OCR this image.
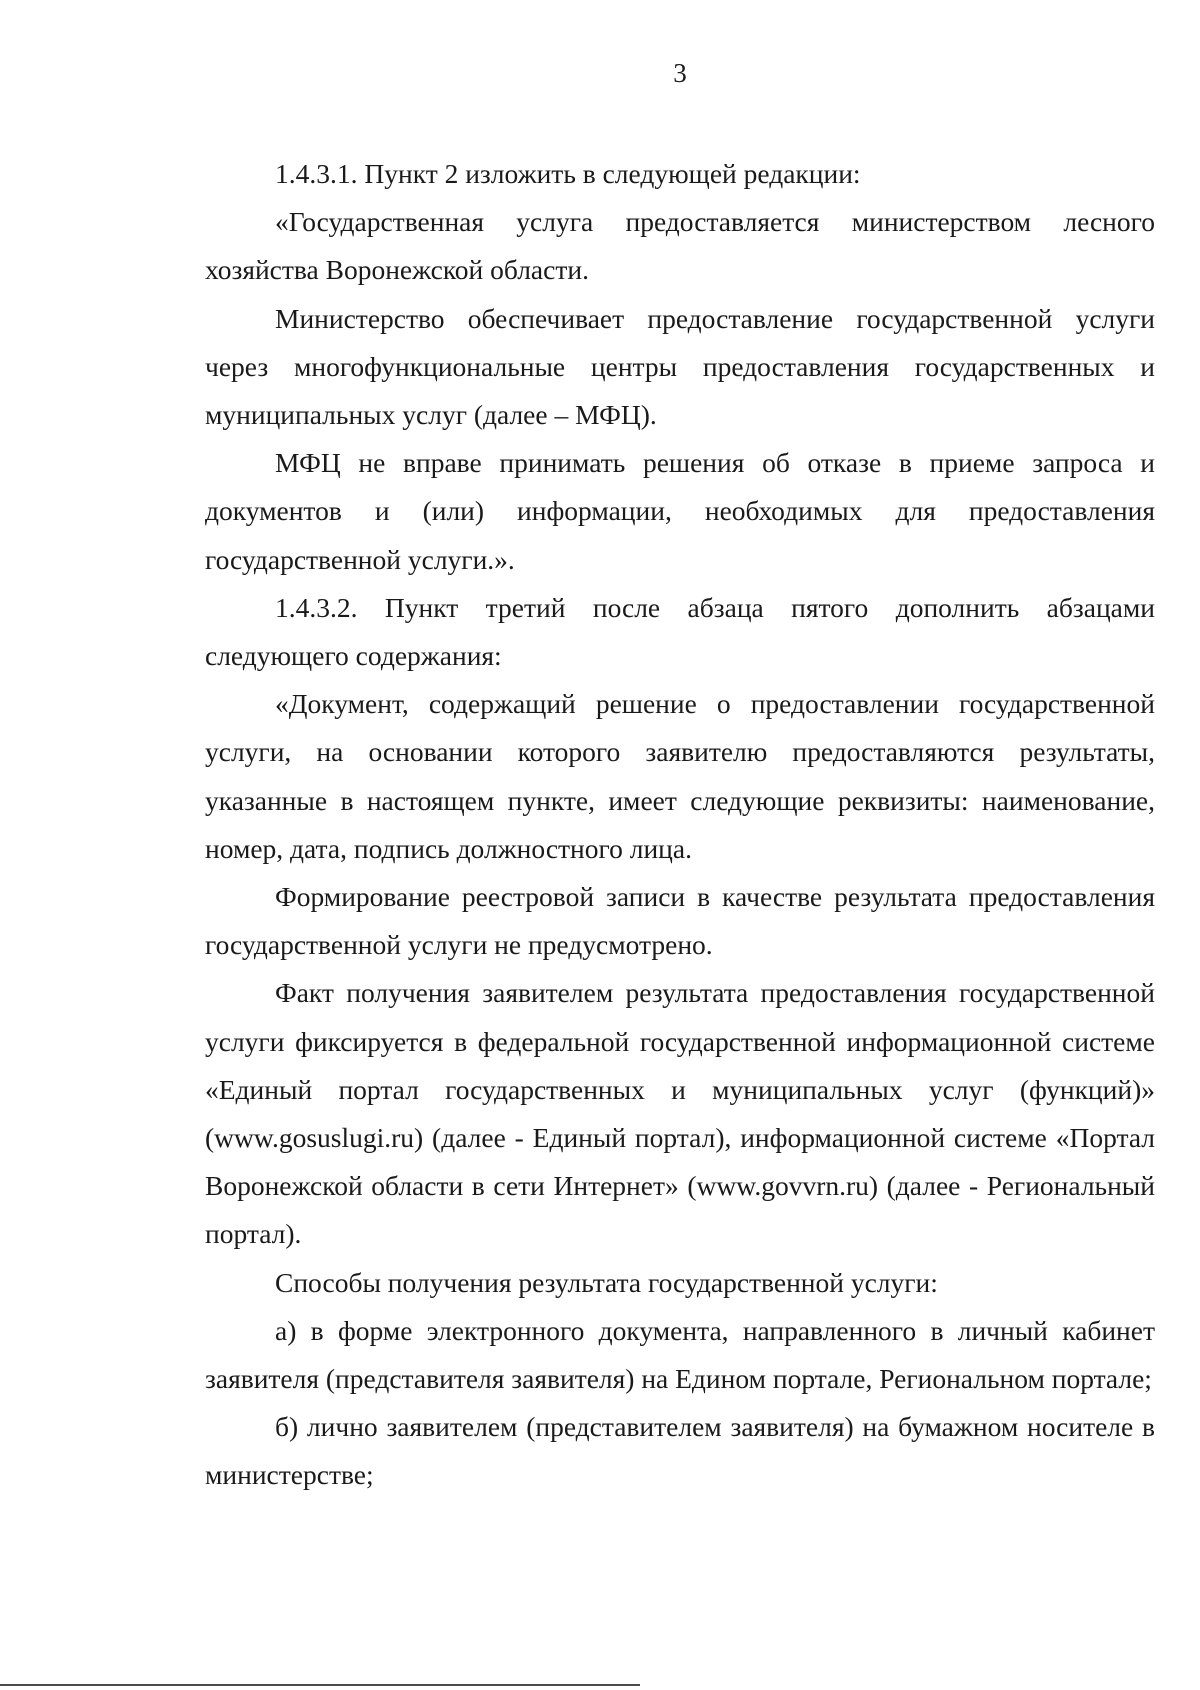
3

1.4.3.1. Пункт 2 изложить в следующей редакции:

«Государственная услуга предоставляется министерством лесного хозяйства Воронежской области.

Министерство обеспечивает предоставление государственной услуги через многофункциональные центры предоставления государственных и муниципальных услуг (далее – МФЦ).

МФЦ не вправе принимать решения об отказе в приеме запроса и документов и (или) информации, необходимых для предоставления государственной услуги.».

1.4.3.2. Пункт третий после абзаца пятого дополнить абзацами следующего содержания:

«Документ, содержащий решение о предоставлении государственной услуги, на основании которого заявителю предоставляются результаты, указанные в настоящем пункте, имеет следующие реквизиты: наименование, номер, дата, подпись должностного лица.

Формирование реестровой записи в качестве результата предоставления государственной услуги не предусмотрено.

Факт получения заявителем результата предоставления государственной услуги фиксируется в федеральной государственной информационной системе «Единый портал государственных и муниципальных услуг (функций)» (www.gosuslugi.ru) (далее - Единый портал), информационной системе «Портал Воронежской области в сети Интернет» (www.govvrn.ru) (далее - Региональный портал).

Способы получения результата государственной услуги:

а) в форме электронного документа, направленного в личный кабинет заявителя (представителя заявителя) на Едином портале, Региональном портале;

б) лично заявителем (представителем заявителя) на бумажном носителе в министерстве;
